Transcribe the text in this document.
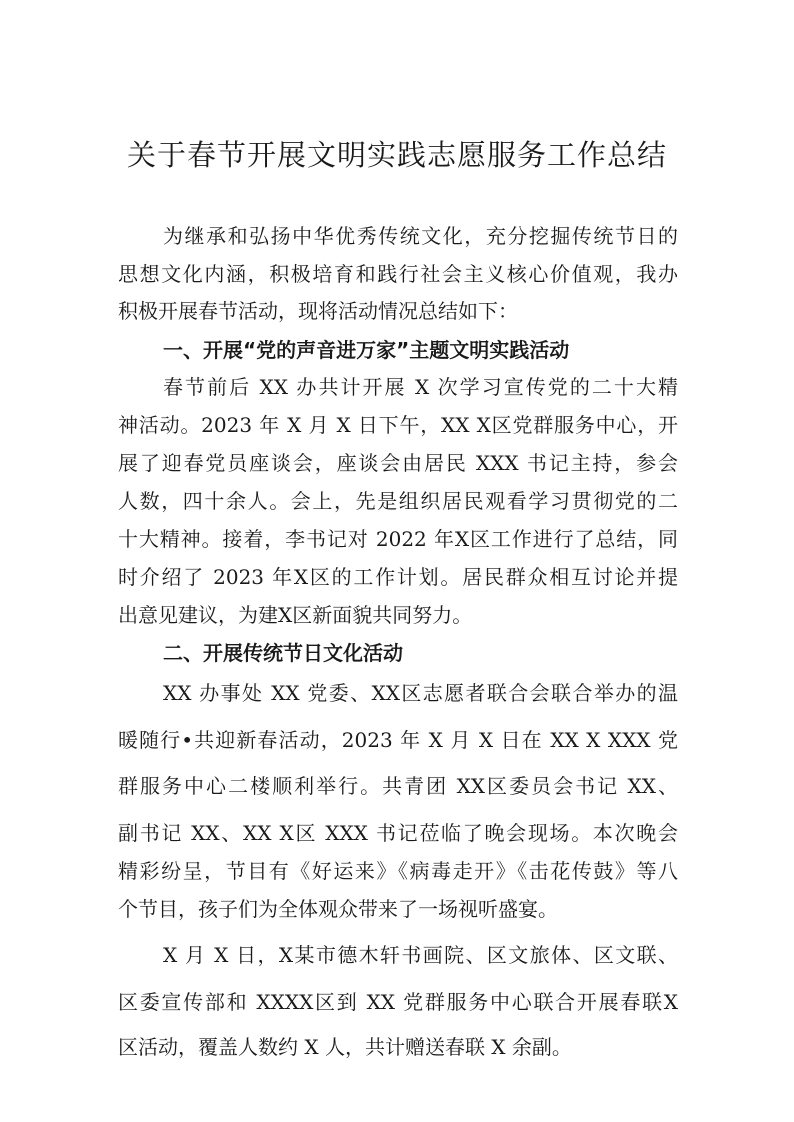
关于春节开展文明实践志愿服务工作总结
为继承和弘扬中华优秀传统文化，充分挖掘传统节日的
思想文化内涵，积极培育和践行社会主义核心价值观，我办
积极开展春节活动，现将活动情况总结如下：
一、开展“党的声音进万家”主题文明实践活动
春节前后 XX 办共计开展 X 次学习宣传党的二十大精
神活动。2023 年 X 月 X 日下午，XX X区党群服务中心，开
展了迎春党员座谈会，座谈会由居民 XXX 书记主持，参会
人数，四十余人。会上，先是组织居民观看学习贯彻党的二
十大精神。接着，李书记对 2022 年X区工作进行了总结，同
时介绍了 2023 年X区的工作计划。居民群众相互讨论并提
出意见建议，为建X区新面貌共同努力。
二、开展传统节日文化活动
XX 办事处 XX 党委、XX区志愿者联合会联合举办的温
暖随行•共迎新春活动，2023 年 X 月 X 日在 XX X XXX 党
群服务中心二楼顺利举行。共青团 XX区委员会书记 XX、
副书记 XX、XX X区 XXX 书记莅临了晚会现场。本次晚会
精彩纷呈，节目有《好运来》《病毒走开》《击花传鼓》等八
个节目，孩子们为全体观众带来了一场视听盛宴。
X 月 X 日，X某市德木轩书画院、区文旅体、区文联、
区委宣传部和 XXXX区到 XX 党群服务中心联合开展春联X
区活动，覆盖人数约 X 人，共计赠送春联 X 余副。
